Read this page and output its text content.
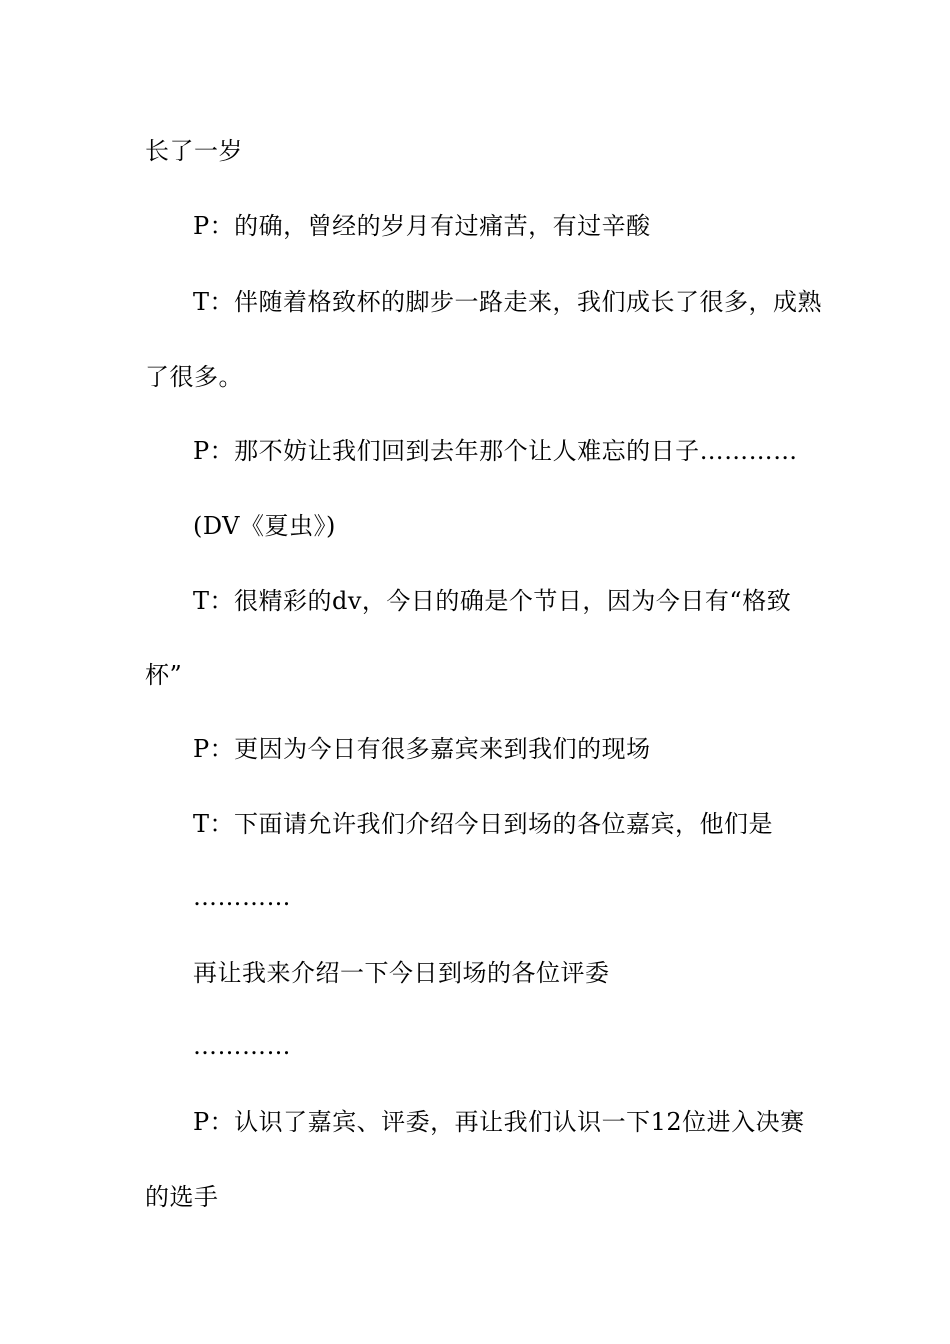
长了一岁
P：的确，曾经的岁月有过痛苦，有过辛酸
T：伴随着格致杯的脚步一路走来，我们成长了很多，成熟
了很多。
P：那不妨让我们回到去年那个让人难忘的日子…………
(DV《夏虫》)
T：很精彩的dv，今日的确是个节日，因为今日有“格致
杯”
P：更因为今日有很多嘉宾来到我们的现场
T：下面请允许我们介绍今日到场的各位嘉宾，他们是
…………
再让我来介绍一下今日到场的各位评委
…………
P：认识了嘉宾、评委，再让我们认识一下12位进入决赛
的选手
